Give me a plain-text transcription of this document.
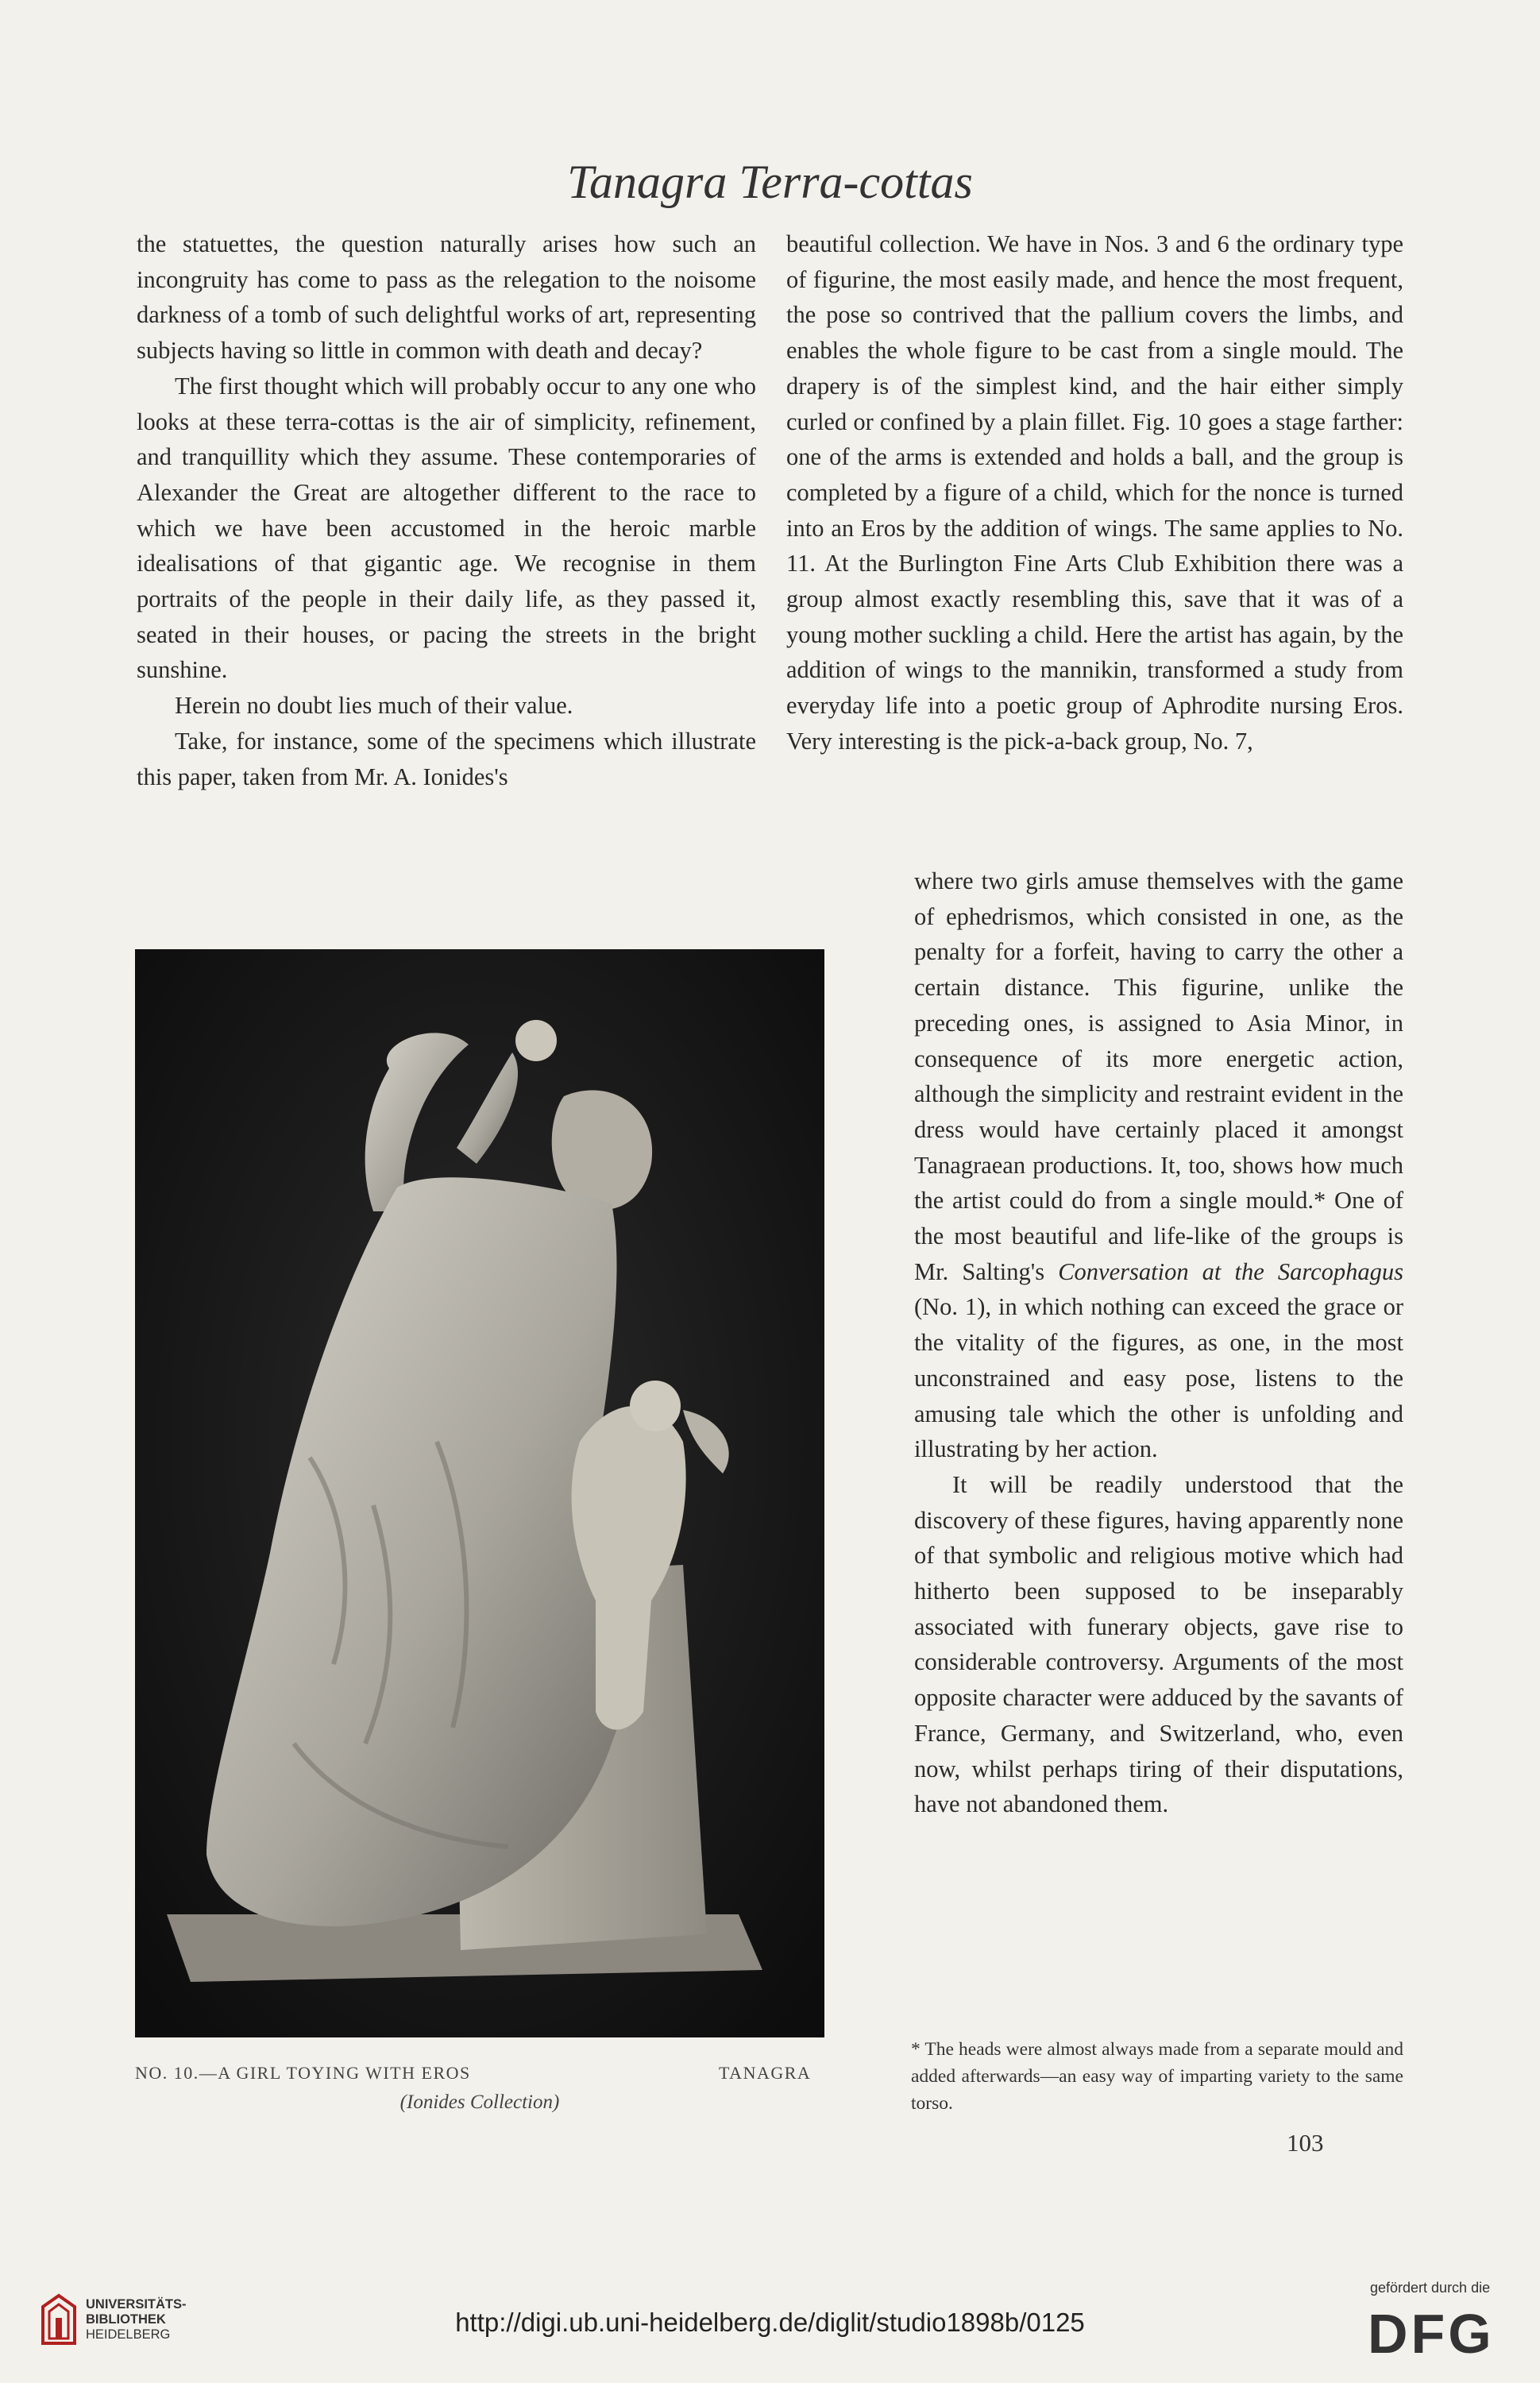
Tanagra Terra-cottas

the statuettes, the question naturally arises how such an incongruity has come to pass as the relegation to the noisome darkness of a tomb of such delightful works of art, representing subjects having so little in common with death and decay?

The first thought which will probably occur to any one who looks at these terra-cottas is the air of simplicity, refinement, and tranquillity which they assume. These contemporaries of Alexander the Great are altogether different to the race to which we have been accustomed in the heroic marble idealisations of that gigantic age. We recognise in them portraits of the people in their daily life, as they passed it, seated in their houses, or pacing the streets in the bright sunshine.

Herein no doubt lies much of their value.

Take, for instance, some of the specimens which illustrate this paper, taken from Mr. A. Ionides's

beautiful collection. We have in Nos. 3 and 6 the ordinary type of figurine, the most easily made, and hence the most frequent, the pose so contrived that the pallium covers the limbs, and enables the whole figure to be cast from a single mould. The drapery is of the simplest kind, and the hair either simply curled or confined by a plain fillet. Fig. 10 goes a stage farther: one of the arms is extended and holds a ball, and the group is completed by a figure of a child, which for the nonce is turned into an Eros by the addition of wings. The same applies to No. 11. At the Burlington Fine Arts Club Exhibition there was a group almost exactly resembling this, save that it was of a young mother suckling a child. Here the artist has again, by the addition of wings to the mannikin, transformed a study from everyday life into a poetic group of Aphrodite nursing Eros. Very interesting is the pick-a-back group, No. 7,

where two girls amuse themselves with the game of ephedrismos, which consisted in one, as the penalty for a forfeit, having to carry the other a certain distance. This figurine, unlike the preceding ones, is assigned to Asia Minor, in consequence of its more energetic action, although the simplicity and restraint evident in the dress would have certainly placed it amongst Tanagraean productions. It, too, shows how much the artist could do from a single mould.* One of the most beautiful and life-like of the groups is Mr. Salting's Conversation at the Sarcophagus (No. 1), in which nothing can exceed the grace or the vitality of the figures, as one, in the most unconstrained and easy pose, listens to the amusing tale which the other is unfolding and illustrating by her action.

It will be readily understood that the discovery of these figures, having apparently none of that symbolic and religious motive which had hitherto been supposed to be inseparably associated with funerary objects, gave rise to considerable controversy. Arguments of the most opposite character were adduced by the savants of France, Germany, and Switzerland, who, even now, whilst perhaps tiring of their disputations, have not abandoned them.

NO. 10.—A GIRL TOYING WITH EROS	TANAGRA
(Ionides Collection)

* The heads were almost always made from a separate mould and added afterwards—an easy way of imparting variety to the same torso.

103
UNIVERSITÄTS-
BIBLIOTHEK
HEIDELBERG	http://digi.ub.uni-heidelberg.de/diglit/studio1898b/0125
gefördert durch die
DFG
